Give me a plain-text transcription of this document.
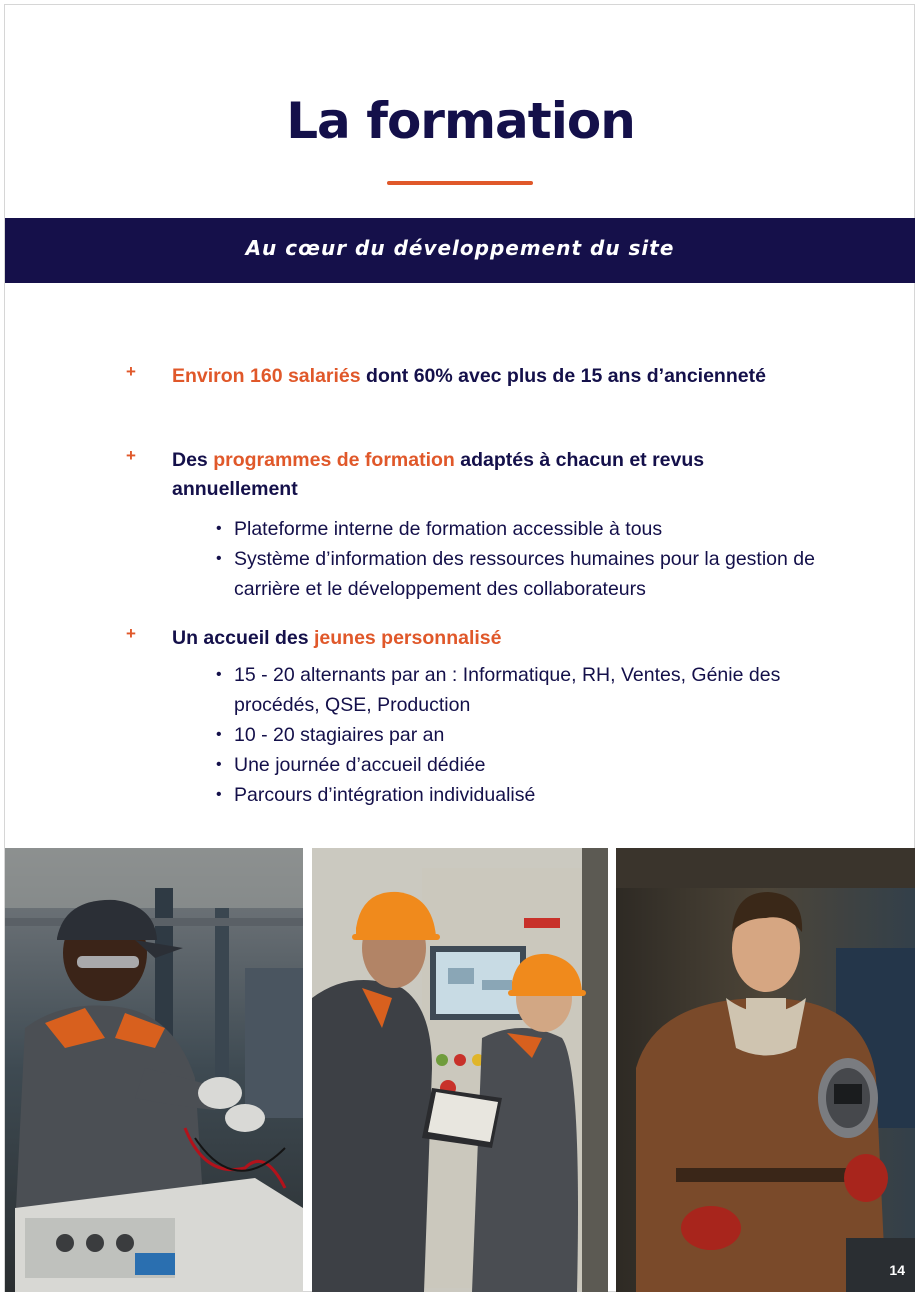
La formation
Au cœur du développement du site
+ Environ 160 salariés dont 60% avec plus de 15 ans d’ancienneté
+ Des programmes de formation adaptés à chacun et revus annuellement
• Plateforme interne de formation accessible à tous
• Système d’information des ressources humaines pour la gestion de carrière et le développement des collaborateurs
+ Un accueil des jeunes personnalisé
• 15 - 20 alternants par an : Informatique, RH, Ventes, Génie des procédés, QSE, Production
• 10 - 20 stagiaires par an
• Une journée d’accueil dédiée
• Parcours d’intégration individualisé
14
